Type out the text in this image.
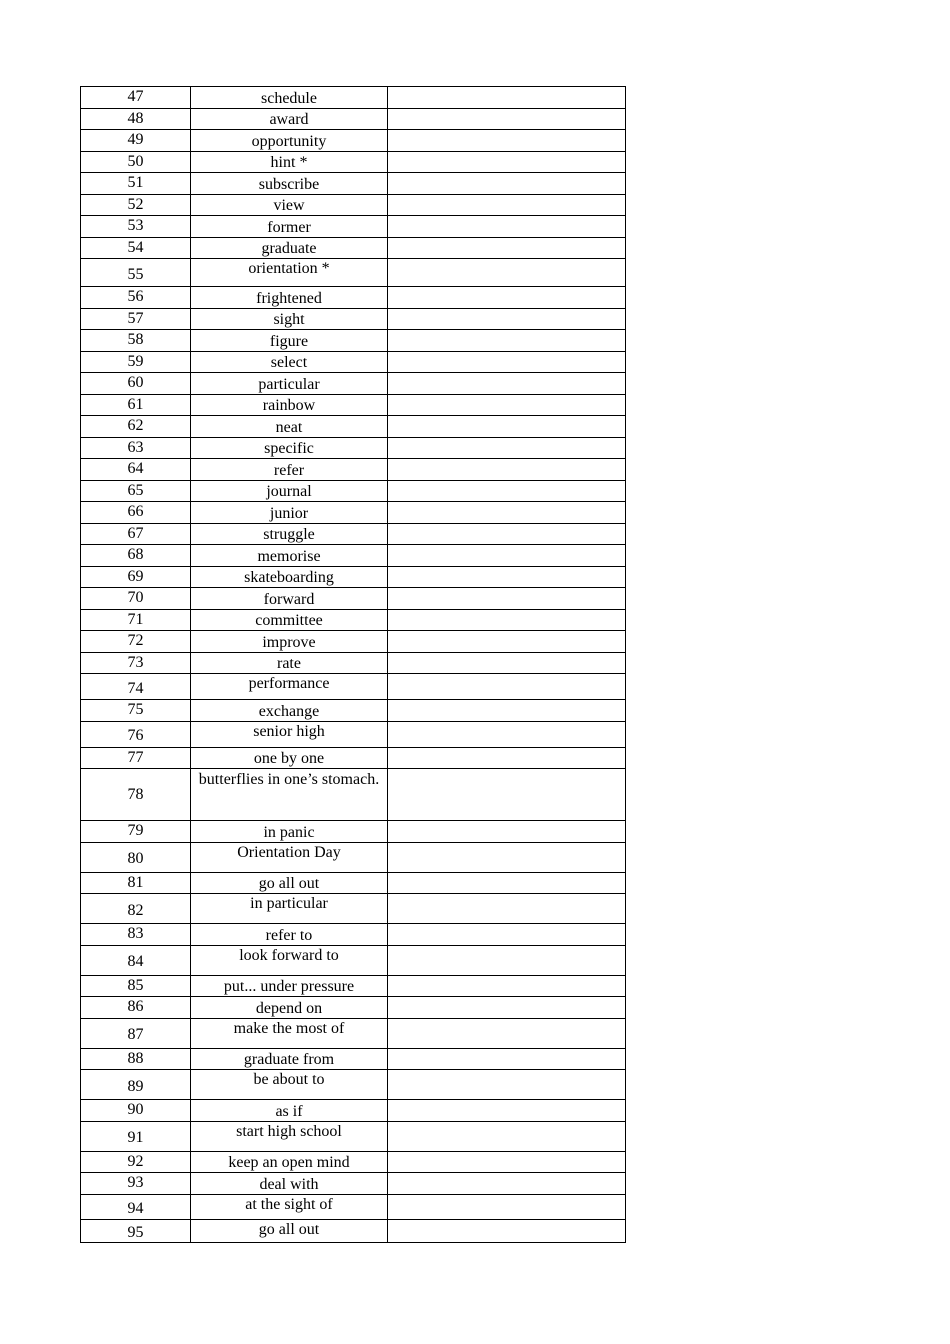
47	schedule	
48	award	
49	opportunity	
50	hint *	
51	subscribe	
52	view	
53	former	
54	graduate	
55	orientation *	
56	frightened	
57	sight	
58	figure	
59	select	
60	particular	
61	rainbow	
62	neat	
63	specific	
64	refer	
65	journal	
66	junior	
67	struggle	
68	memorise	
69	skateboarding	
70	forward	
71	committee	
72	improve	
73	rate	
74	performance	
75	exchange	
76	senior high	
77	one by one	
78	butterflies in one’s stomach.	
79	in panic	
80	Orientation Day	
81	go all out	
82	in particular	
83	refer to	
84	look forward to	
85	put... under pressure	
86	depend on	
87	make the most of	
88	graduate from	
89	be about to	
90	as if	
91	start high school	
92	keep an open mind	
93	deal with	
94	at the sight of	
95	go all out	
